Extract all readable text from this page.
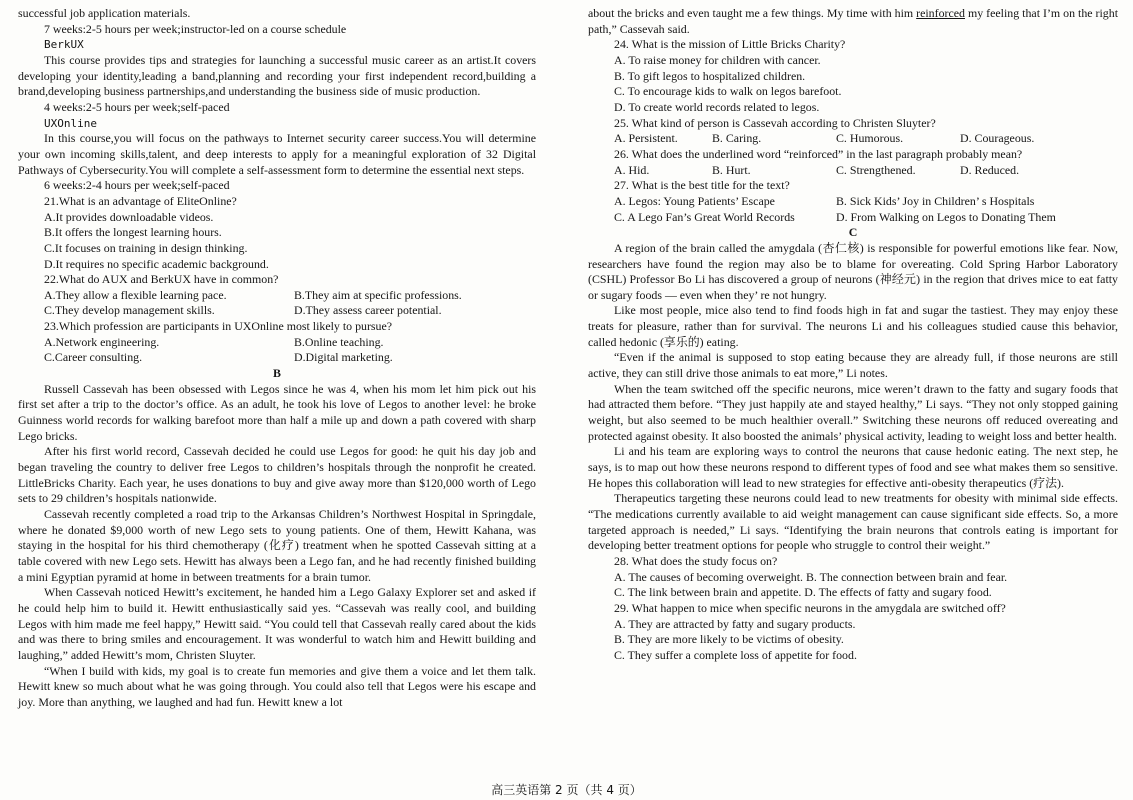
successful job application materials.

7 weeks:2-5 hours per week;instructor-led on a course schedule

BerkUX

This course provides tips and strategies for launching a successful music career as an artist.It covers developing your identity,leading a band,planning and recording your first independent record,building a brand,developing business partnerships,and understanding the business side of music production.

4 weeks:2-5 hours per week;self-paced

UXOnline

In this course,you will focus on the pathways to Internet security career success.You will determine your own incoming skills,talent, and deep interests to apply for a meaningful exploration of 32 Digital Pathways of Cybersecurity.You will complete a self-assessment form to determine the essential next steps.

6 weeks:2-4 hours per week;self-paced

21.What is an advantage of EliteOnline?

A.It provides downloadable videos.

B.It offers the longest learning hours.

C.It focuses on training in design thinking.

D.It requires no specific academic background.

22.What do AUX and BerkUX have in common?

A.They allow a flexible learning pace.	B.They aim at specific professions.
C.They develop management skills.	D.They assess career potential.

23.Which profession are participants in UXOnline most likely to pursue?

A.Network engineering.	B.Online teaching.
C.Career consulting.	D.Digital marketing.

B

Russell Cassevah has been obsessed with Legos since he was 4, when his mom let him pick out his first set after a trip to the doctor’s office. As an adult, he took his love of Legos to another level: he broke Guinness world records for walking barefoot more than half a mile up and down a path covered with sharp Lego bricks.

After his first world record, Cassevah decided he could use Legos for good: he quit his day job and began traveling the country to deliver free Legos to children’s hospitals through the nonprofit he created. LittleBricks Charity. Each year, he uses donations to buy and give away more than $120,000 worth of Lego sets to 29 children’s hospitals nationwide.

Cassevah recently completed a road trip to the Arkansas Children’s Northwest Hospital in Springdale, where he donated $9,000 worth of new Lego sets to young patients. One of them, Hewitt Kahana, was staying in the hospital for his third chemotherapy (化疗) treatment when he spotted Cassevah sitting at a table covered with new Lego sets. Hewitt has always been a Lego fan, and he had recently finished building a mini Egyptian pyramid at home in between treatments for a brain tumor.

When Cassevah noticed Hewitt’s excitement, he handed him a Lego Galaxy Explorer set and asked if he could help him to build it. Hewitt enthusiastically said yes. “Cassevah was really cool, and building Legos with him made me feel happy,” Hewitt said. “You could tell that Cassevah really cared about the kids and was there to bring smiles and encouragement. It was wonderful to watch him and Hewitt building and laughing,” added Hewitt’s mom, Christen Sluyter.

“When I build with kids, my goal is to create fun memories and give them a voice and let them talk. Hewitt knew so much about what he was going through. You could also tell that Legos were his escape and joy. More than anything, we laughed and had fun. Hewitt knew a lot

about the bricks and even taught me a few things. My time with him reinforced my feeling that I’m on the right path,” Cassevah said.

24. What is the mission of Little Bricks Charity?

A. To raise money for children with cancer.

B. To gift legos to hospitalized children.

C. To encourage kids to walk on legos barefoot.

D. To create world records related to legos.

25. What kind of person is Cassevah according to Christen Sluyter?

A. Persistent.	B. Caring.	C. Humorous.	D. Courageous.

26. What does the underlined word “reinforced” in the last paragraph probably mean?

A. Hid.	B. Hurt.	C. Strengthened.	D. Reduced.

27. What is the best title for the text?

A. Legos: Young Patients’ Escape	B. Sick Kids’ Joy in Children’ s Hospitals
C. A Lego Fan’s Great World Records	D. From Walking on Legos to Donating Them

C

A region of the brain called the amygdala (杏仁核) is responsible for powerful emotions like fear. Now, researchers have found the region may also be to blame for overeating. Cold Spring Harbor Laboratory (CSHL) Professor Bo Li has discovered a group of neurons (神经元) in the region that drives mice to eat fatty or sugary foods — even when they’ re not hungry.

Like most people, mice also tend to find foods high in fat and sugar the tastiest. They may enjoy these treats for pleasure, rather than for survival. The neurons Li and his colleagues studied cause this behavior, called hedonic (享乐的) eating.

“Even if the animal is supposed to stop eating because they are already full, if those neurons are still active, they can still drive those animals to eat more,” Li notes.

When the team switched off the specific neurons, mice weren’t drawn to the fatty and sugary foods that had attracted them before. “They just happily ate and stayed healthy,” Li says. “They not only stopped gaining weight, but also seemed to be much healthier overall.” Switching these neurons off reduced overeating and protected against obesity. It also boosted the animals’ physical activity, leading to weight loss and better health.

Li and his team are exploring ways to control the neurons that cause hedonic eating. The next step, he says, is to map out how these neurons respond to different types of food and see what makes them so sensitive. He hopes this collaboration will lead to new strategies for effective anti-obesity therapeutics (疗法).

Therapeutics targeting these neurons could lead to new treatments for obesity with minimal side effects. “The medications currently available to aid weight management can cause significant side effects. So, a more targeted approach is needed,” Li says. “Identifying the brain neurons that controls eating is important for developing better treatment options for people who struggle to control their weight.”

28. What does the study focus on?

A. The causes of becoming overweight. B. The connection between brain and fear.

C. The link between brain and appetite. D. The effects of fatty and sugary food.

29. What happen to mice when specific neurons in the amygdala are switched off?

A. They are attracted by fatty and sugary products.

B. They are more likely to be victims of obesity.

C. They suffer a complete loss of appetite for food.

高三英语第 2 页（共 4 页）
